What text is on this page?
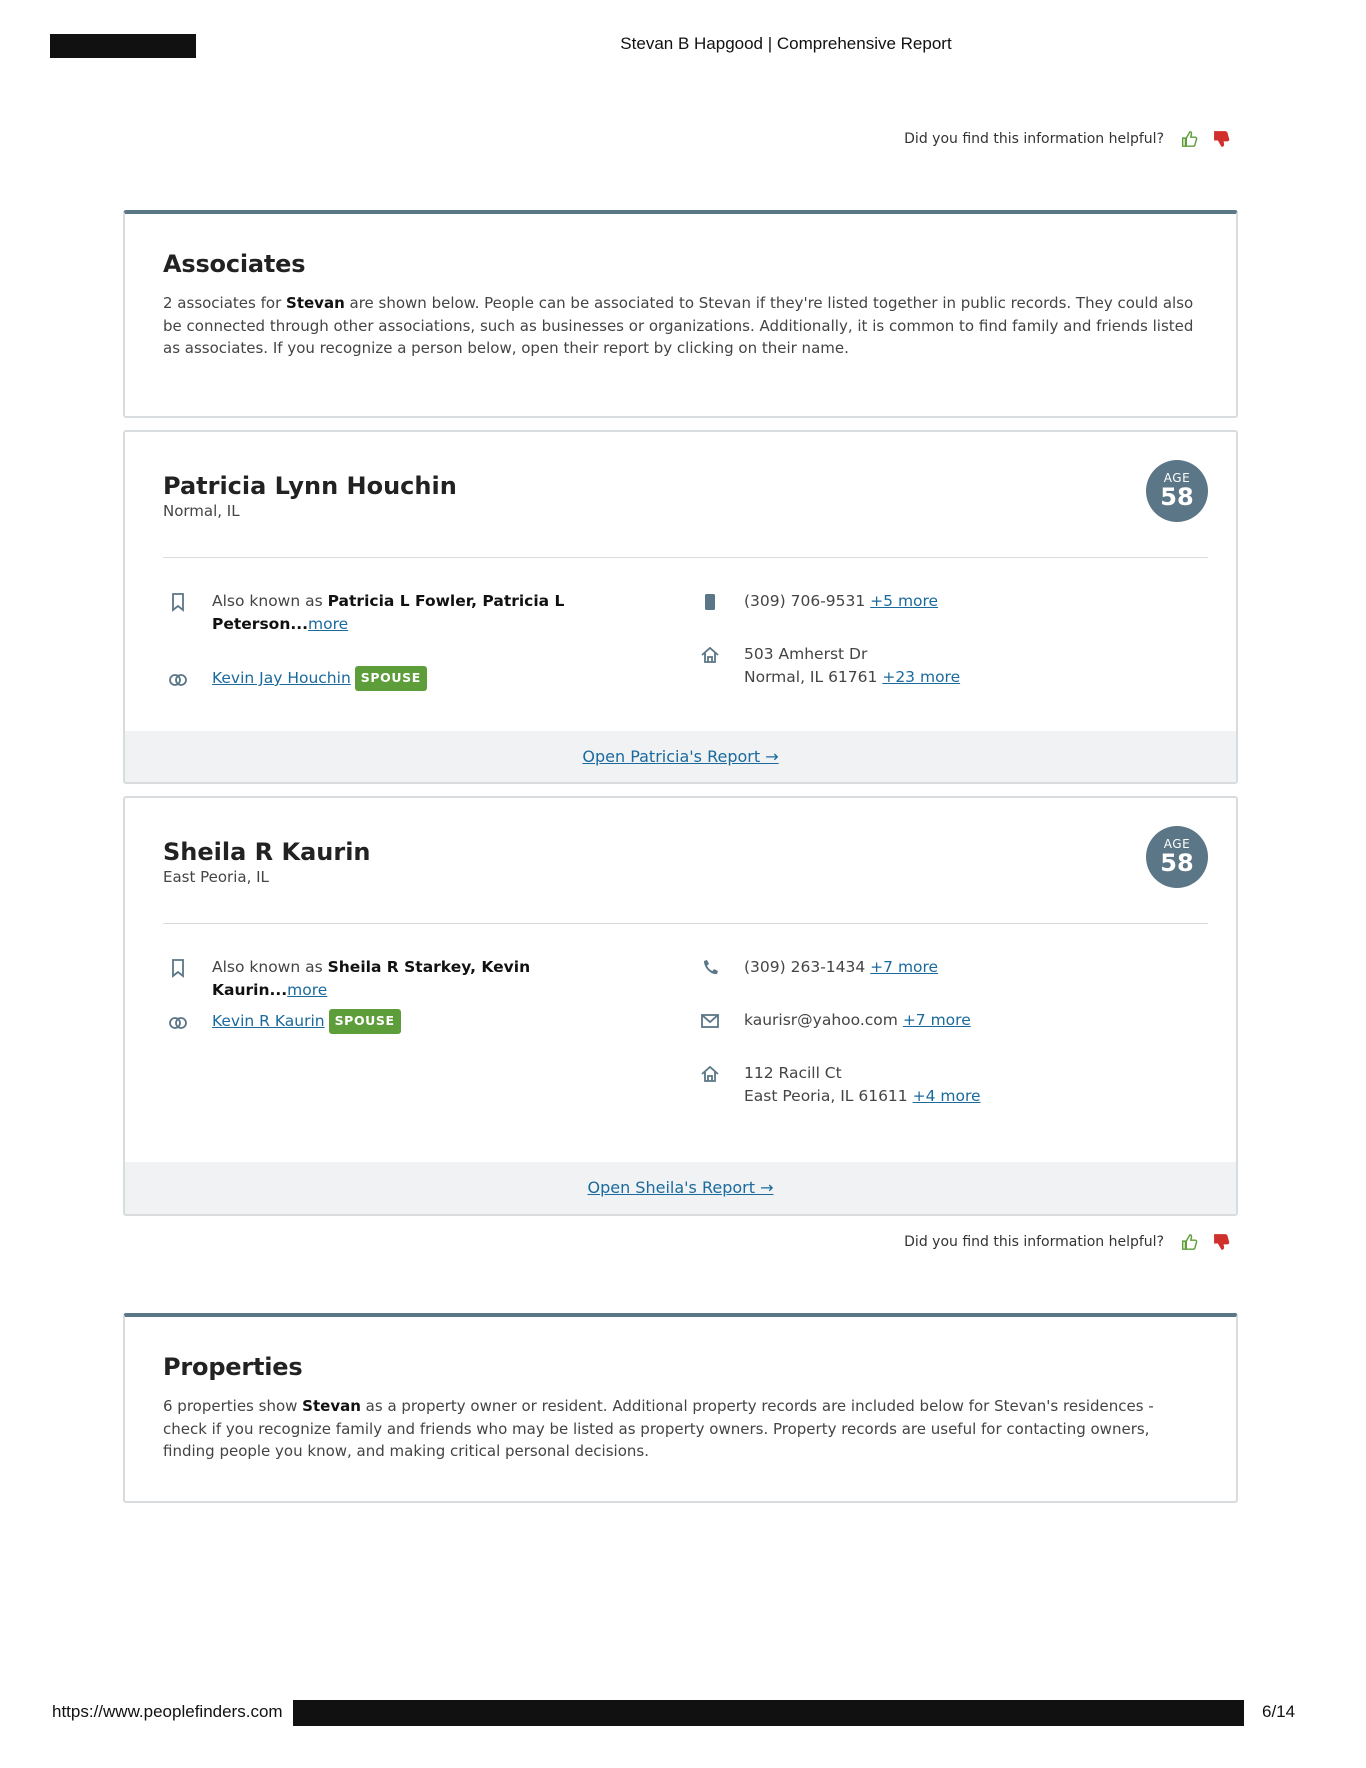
Stevan B Hapgood | Comprehensive Report
Did you find this information helpful?
Associates

2 associates for Stevan are shown below. People can be associated to Stevan if they're listed together in public records. They could also be connected through other associations, such as businesses or organizations. Additionally, it is common to find family and friends listed as associates. If you recognize a person below, open their report by clicking on their name.

Patricia Lynn Houchin
Normal, IL
AGE
58
Also known as Patricia L Fowler, Patricia L Peterson...more
Kevin Jay Houchin SPOUSE
(309) 706-9531 +5 more
503 Amherst Dr
Normal, IL 61761 +23 more
Open Patricia's Report →
Sheila R Kaurin
East Peoria, IL
AGE
58
Also known as Sheila R Starkey, Kevin Kaurin...more
Kevin R Kaurin SPOUSE
(309) 263-1434 +7 more
kaurisr@yahoo.com +7 more
112 Racill Ct
East Peoria, IL 61611 +4 more
Open Sheila's Report →
Did you find this information helpful?
Properties

6 properties show Stevan as a property owner or resident. Additional property records are included below for Stevan's residences - check if you recognize family and friends who may be listed as property owners. Property records are useful for contacting owners, finding people you know, and making critical personal decisions.

https://www.peoplefinders.com	6/14
